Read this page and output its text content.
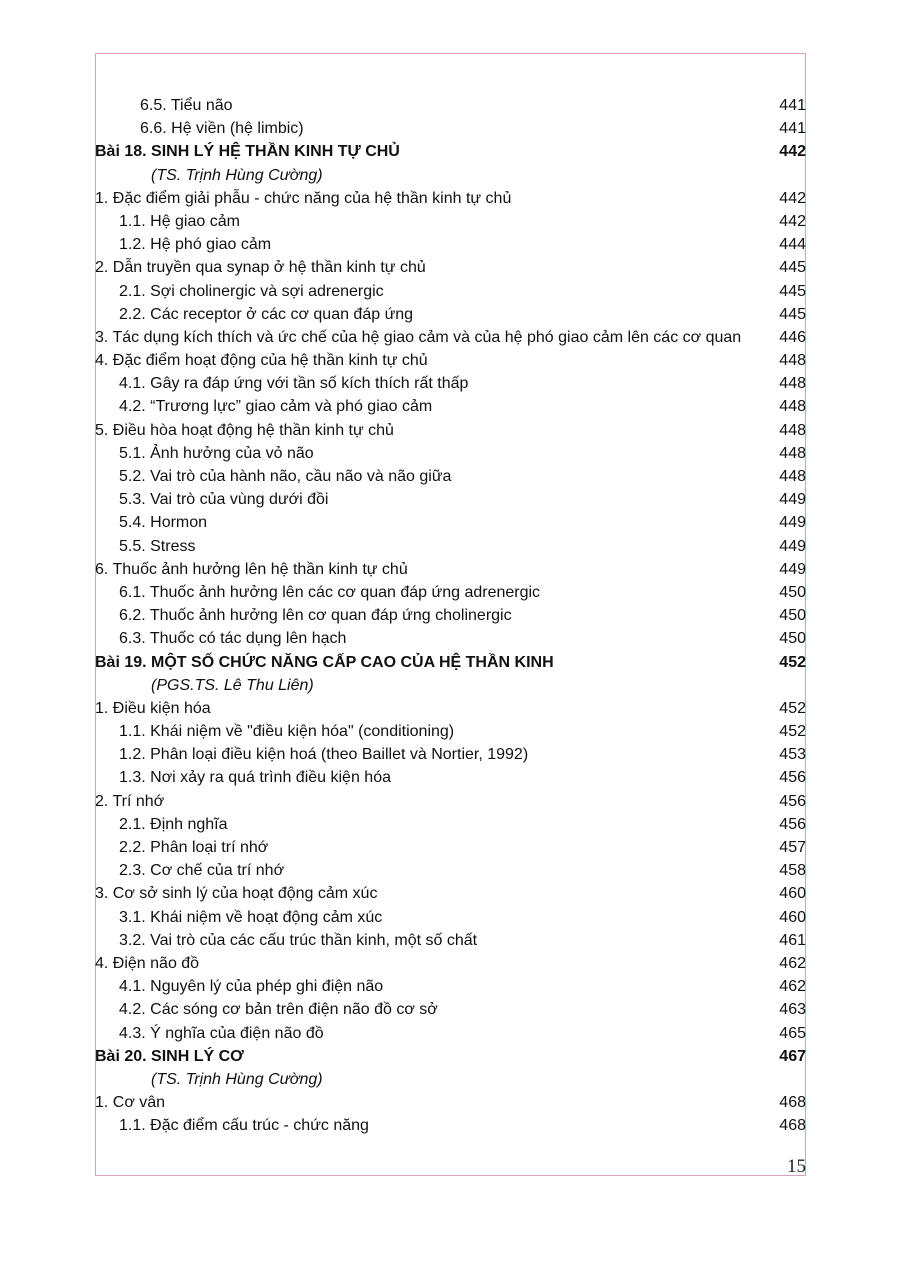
6.5. Tiểu não	441
6.6. Hệ viền (hệ limbic)	441
Bài 18. SINH LÝ HỆ THẦN KINH TỰ CHỦ	442
(TS. Trịnh Hùng Cường)
1. Đặc điểm giải phẫu - chức năng của hệ thần kinh tự chủ	442
1.1. Hệ giao cảm	442
1.2. Hệ phó giao cảm	444
2. Dẫn truyền qua synap ở hệ thần kinh tự chủ	445
2.1. Sợi cholinergic và sợi adrenergic	445
2.2. Các receptor ở các cơ quan đáp ứng	445
3. Tác dụng kích thích và ức chế của hệ giao cảm và của hệ phó giao cảm lên các cơ quan 446
4. Đặc điểm hoạt động của hệ thần kinh tự chủ	448
4.1. Gây ra đáp ứng với tần số kích thích rất thấp	448
4.2. “Trương lực” giao cảm và phó giao cảm	448
5. Điều hòa hoạt động hệ thần kinh tự chủ	448
5.1. Ảnh hưởng của vỏ não	448
5.2. Vai trò của hành não, cầu não và não giữa	448
5.3. Vai trò của vùng dưới đồi	449
5.4. Hormon	449
5.5. Stress	449
6. Thuốc ảnh hưởng lên hệ thần kinh tự chủ	449
6.1. Thuốc ảnh hưởng lên các cơ quan đáp ứng adrenergic	450
6.2. Thuốc ảnh hưởng lên cơ quan đáp ứng cholinergic	450
6.3. Thuốc có tác dụng lên hạch	450
Bài 19. MỘT SỐ CHỨC NĂNG CẤP CAO CỦA HỆ THẦN KINH	452
(PGS.TS. Lê Thu Liên)
1. Điều kiện hóa	452
1.1. Khái niệm về "điều kiện hóa" (conditioning)	452
1.2. Phân loại điều kiện hoá (theo Baillet và Nortier, 1992)	453
1.3. Nơi xảy ra quá trình điều kiện hóa	456
2. Trí nhớ	456
2.1. Định nghĩa	456
2.2. Phân loại trí nhớ	457
2.3. Cơ chế của trí nhớ	458
3. Cơ sở sinh lý của hoạt động cảm xúc	460
3.1. Khái niệm về hoạt động cảm xúc	460
3.2. Vai trò của các cấu trúc thần kinh, một số chất	461
4. Điện não đồ	462
4.1. Nguyên lý của phép ghi điện não	462
4.2. Các sóng cơ bản trên điện não đồ cơ sở	463
4.3. Ý nghĩa của điện não đồ	465
Bài 20. SINH LÝ CƠ	467
(TS. Trịnh Hùng Cường)
1. Cơ vân	468
1.1. Đặc điểm cấu trúc - chức năng	468
15
